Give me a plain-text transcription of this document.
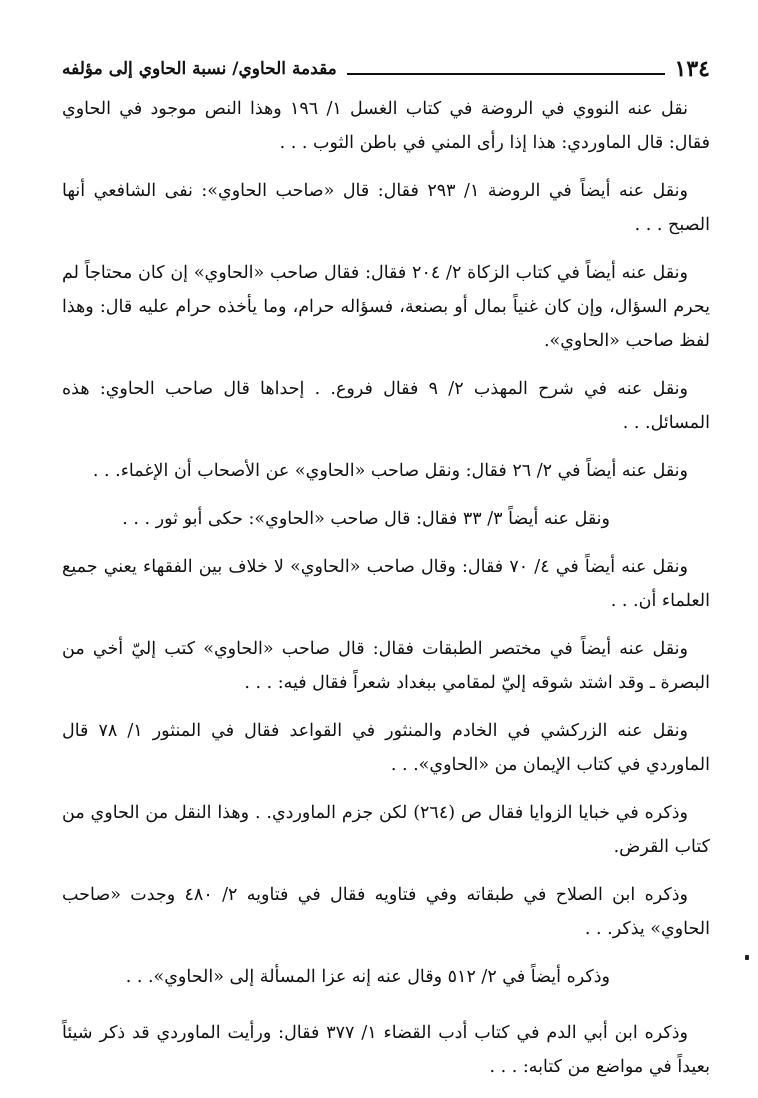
١٣٤
مقدمة الحاوي/ نسبة الحاوي إلى مؤلفه

نقل عنه النووي في الروضة في كتاب الغسل ١/ ١٩٦ وهذا النص موجود في الحاوي فقال: قال الماوردي: هذا إذا رأى المني في باطن الثوب . . .

ونقل عنه أيضاً في الروضة ١/ ٢٩٣ فقال: قال «صاحب الحاوي»: نفى الشافعي أنها الصبح . . .

ونقل عنه أيضاً في كتاب الزكاة ٢/ ٢٠٤ فقال: فقال صاحب «الحاوي» إن كان محتاجاً لم يحرم السؤال، وإن كان غنياً بمال أو بصنعة، فسؤاله حرام، وما يأخذه حرام عليه قال: وهذا لفظ صاحب «الحاوي».

ونقل عنه في شرح المهذب ٢/ ٩ فقال فروع. . إحداها قال صاحب الحاوي: هذه المسائل. . .

ونقل عنه أيضاً في ٢/ ٢٦ فقال: ونقل صاحب «الحاوي» عن الأصحاب أن الإغماء. . .

ونقل عنه أيضاً ٣/ ٣٣ فقال: قال صاحب «الحاوي»: حكى أبو ثور . . .

ونقل عنه أيضاً في ٤/ ٧٠ فقال: وقال صاحب «الحاوي» لا خلاف بين الفقهاء يعني جميع العلماء أن. . .

ونقل عنه أيضاً في مختصر الطبقات فقال: قال صاحب «الحاوي» كتب إليّ أخي من البصرة ـ وقد اشتد شوقه إليّ لمقامي ببغداد شعراً فقال فيه: . . .

ونقل عنه الزركشي في الخادم والمنثور في القواعد فقال في المنثور ١/ ٧٨ قال الماوردي في كتاب الإيمان من «الحاوي». . .

وذكره في خبايا الزوايا فقال ص (٢٦٤) لكن جزم الماوردي. . وهذا النقل من الحاوي من كتاب القرض.

وذكره ابن الصلاح في طبقاته وفي فتاويه فقال في فتاويه ٢/ ٤٨٠ وجدت «صاحب الحاوي» يذكر. . .

وذكره أيضاً في ٢/ ٥١٢ وقال عنه إنه عزا المسألة إلى «الحاوي». . .

وذكره ابن أبي الدم في كتاب أدب القضاء ١/ ٣٧٧ فقال: ورأيت الماوردي قد ذكر شيئاً بعيداً في مواضع من كتابه: . . .
